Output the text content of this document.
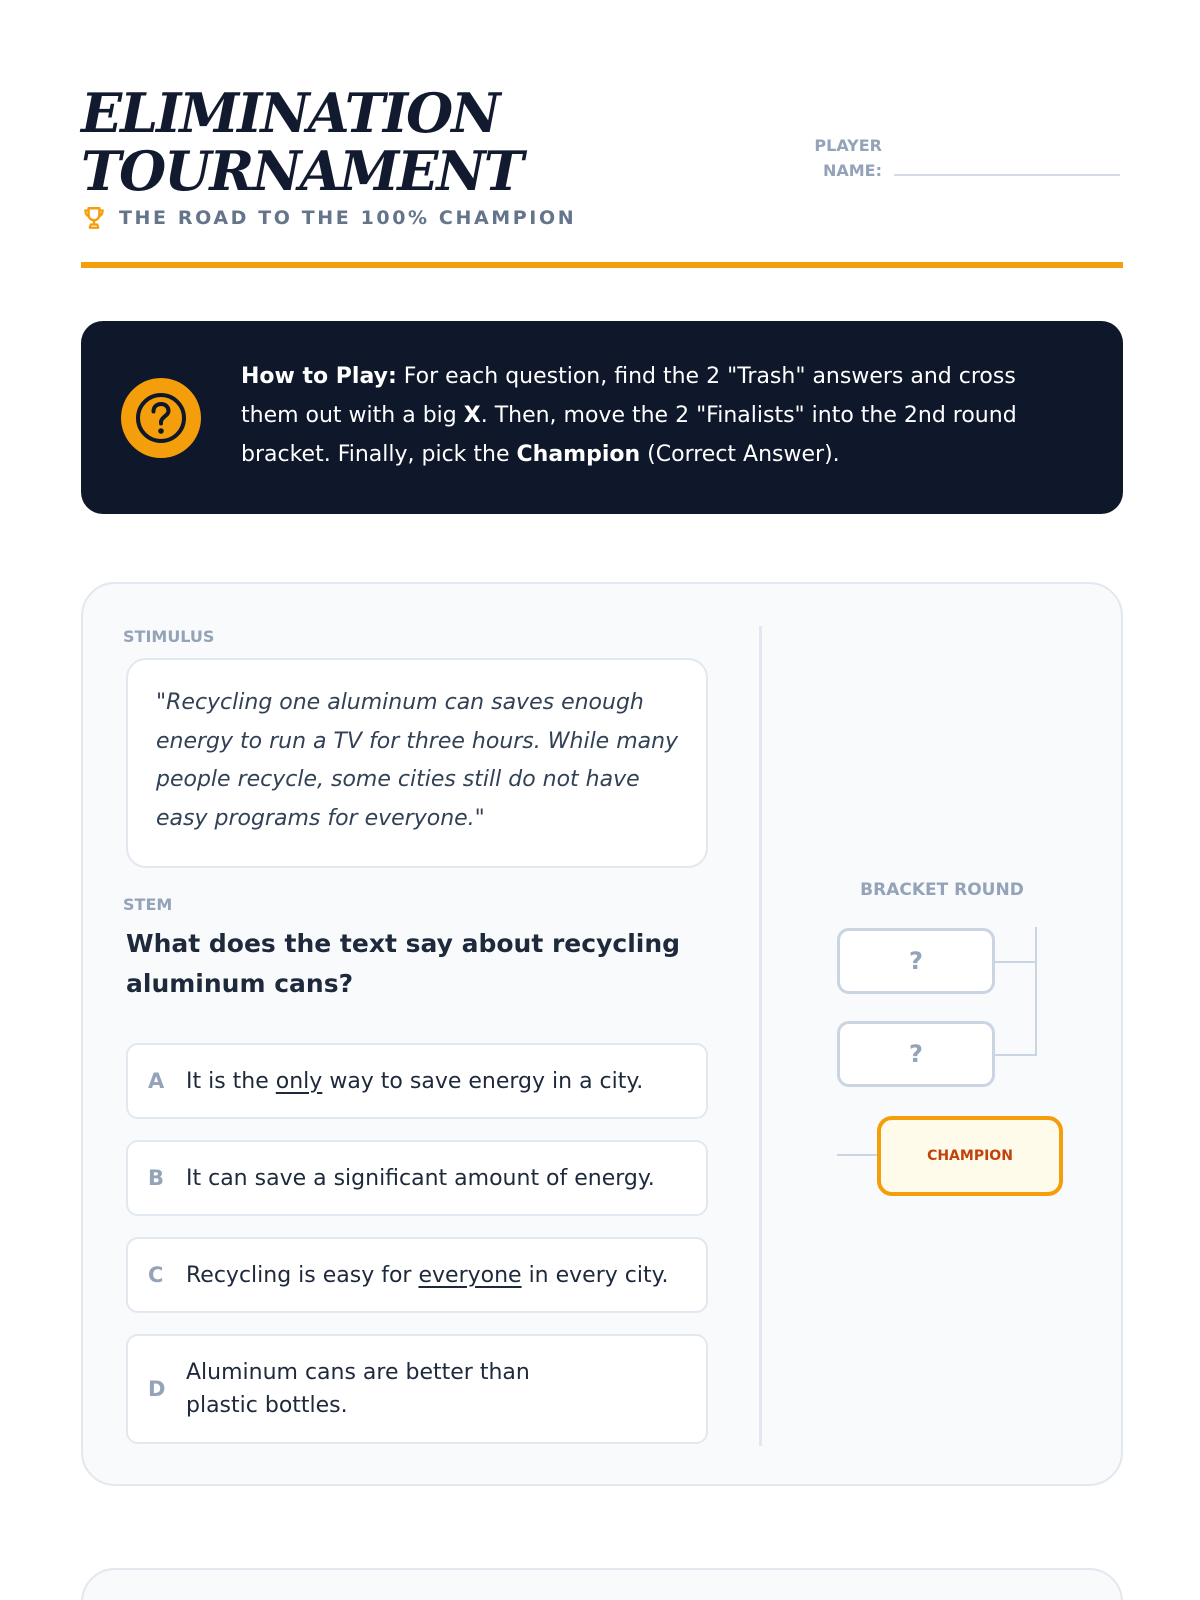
ELIMINATION
TOURNAMENT
THE ROAD TO THE 100% CHAMPION
PLAYER NAME:

How to Play: For each question, find the 2 "Trash" answers and cross them out with a big X. Then, move the 2 "Finalists" into the 2nd round bracket. Finally, pick the Champion (Correct Answer).

STIMULUS
"Recycling one aluminum can saves enough energy to run a TV for three hours. While many people recycle, some cities still do not have easy programs for everyone."
STEM
What does the text say about recycling aluminum cans?
A It is the only way to save energy in a city.
B It can save a significant amount of energy.
C	Recycling is easy for everyone in every city.
D
Aluminum cans are better than plastic bottles.
BRACKET ROUND
?
?
CHAMPION
